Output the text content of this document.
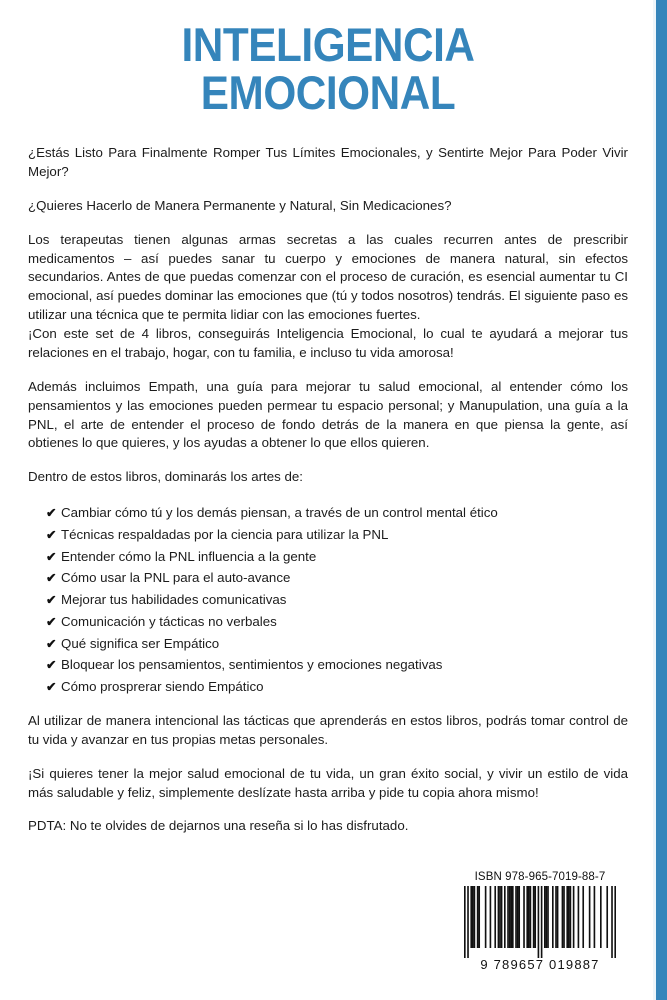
INTELIGENCIA
EMOCIONAL

¿Estás Listo Para Finalmente Romper Tus Límites Emocionales, y Sentirte Mejor Para Poder Vivir Mejor?

¿Quieres Hacerlo de Manera Permanente y Natural, Sin Medicaciones?

Los terapeutas tienen algunas armas secretas a las cuales recurren antes de prescribir medicamentos – así puedes sanar tu cuerpo y emociones de manera natural, sin efectos secundarios. Antes de que puedas comenzar con el proceso de curación, es esencial aumentar tu CI emocional, así puedes dominar las emociones que (tú y todos nosotros) tendrás. El siguiente paso es utilizar una técnica que te permita lidiar con las emociones fuertes.

¡Con este set de 4 libros, conseguirás Inteligencia Emocional, lo cual te ayudará a mejorar tus relaciones en el trabajo, hogar, con tu familia, e incluso tu vida amorosa!

Además incluimos Empath, una guía para mejorar tu salud emocional, al entender cómo los pensamientos y las emociones pueden permear tu espacio personal; y Manupulation, una guía a la PNL, el arte de entender el proceso de fondo detrás de la manera en que piensa la gente, así obtienes lo que quieres, y los ayudas a obtener lo que ellos quieren.

Dentro de estos libros, dominarás los artes de:

✔ Cambiar cómo tú y los demás piensan, a través de un control mental ético
✔ Técnicas respaldadas por la ciencia para utilizar la PNL
✔ Entender cómo la PNL influencia a la gente
✔ Cómo usar la PNL para el auto-avance
✔ Mejorar tus habilidades comunicativas
✔ Comunicación y tácticas no verbales
✔ Qué significa ser Empático
✔ Bloquear los pensamientos, sentimientos y emociones negativas
✔ Cómo prosprerar siendo Empático

Al utilizar de manera intencional las tácticas que aprenderás en estos libros, podrás tomar control de tu vida y avanzar en tus propias metas personales.

¡Si quieres tener la mejor salud emocional de tu vida, un gran éxito social, y vivir un estilo de vida más saludable y feliz, simplemente deslízate hasta arriba y pide tu copia ahora mismo!

PDTA: No te olvides de dejarnos una reseña si lo has disfrutado.

ISBN 978-965-7019-88-7
9 789657 019887
